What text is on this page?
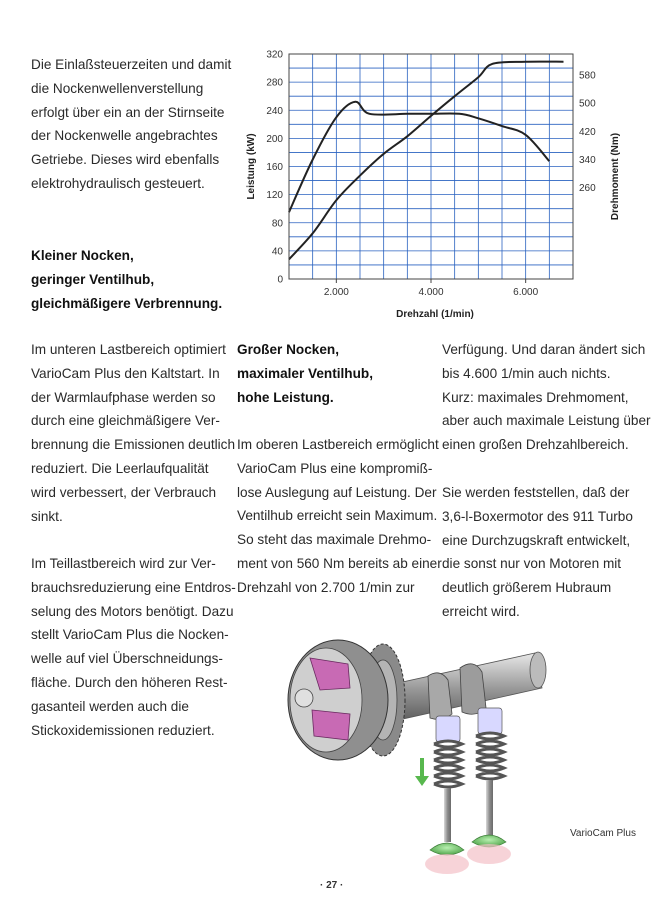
Die Einlaßsteuerzeiten und damit
die Nockenwellenverstellung
erfolgt über ein an der Stirnseite
der Nockenwelle angebrachtes
Getriebe. Dieses wird ebenfalls
elektrohydraulisch gesteuert.

Kleiner Nocken,
geringer Ventilhub,
gleichmäßigere Verbrennung.

Im unteren Lastbereich optimiert
VarioCam Plus den Kaltstart. In
der Warmlaufphase werden so
durch eine gleichmäßigere Ver-
brennung die Emissionen deutlich
reduziert. Die Leerlaufqualität
wird verbessert, der Verbrauch
sinkt.

Im Teillastbereich wird zur Ver-
brauchsreduzierung eine Entdros-
selung des Motors benötigt. Dazu
stellt VarioCam Plus die Nocken-
welle auf viel Überschneidungs-
fläche. Durch den höheren Rest-
gasanteil werden auch die
Stickoxidemissionen reduziert.

Großer Nocken,
maximaler Ventilhub,
hohe Leistung.

Im oberen Lastbereich ermöglicht
VarioCam Plus eine kompromiß-
lose Auslegung auf Leistung. Der
Ventilhub erreicht sein Maximum.
So steht das maximale Drehmo-
ment von 560 Nm bereits ab einer
Drehzahl von 2.700 1/min zur

Verfügung. Und daran ändert sich
bis 4.600 1/min auch nichts.
Kurz: maximales Drehmoment,
aber auch maximale Leistung über
einen großen Drehzahlbereich.

Sie werden feststellen, daß der
3,6-l-Boxermotor des 911 Turbo
eine Durchzugskraft entwickelt,
die sonst nur von Motoren mit
deutlich größerem Hubraum
erreicht wird.

0
40
80
120
160
200
240
280
320
260
340
420
500
580
2.000	4.000	6.000
Drehzahl (1/min)
Leistung (kW)	Drehmoment (Nm)
VarioCam Plus
· 27 ·
